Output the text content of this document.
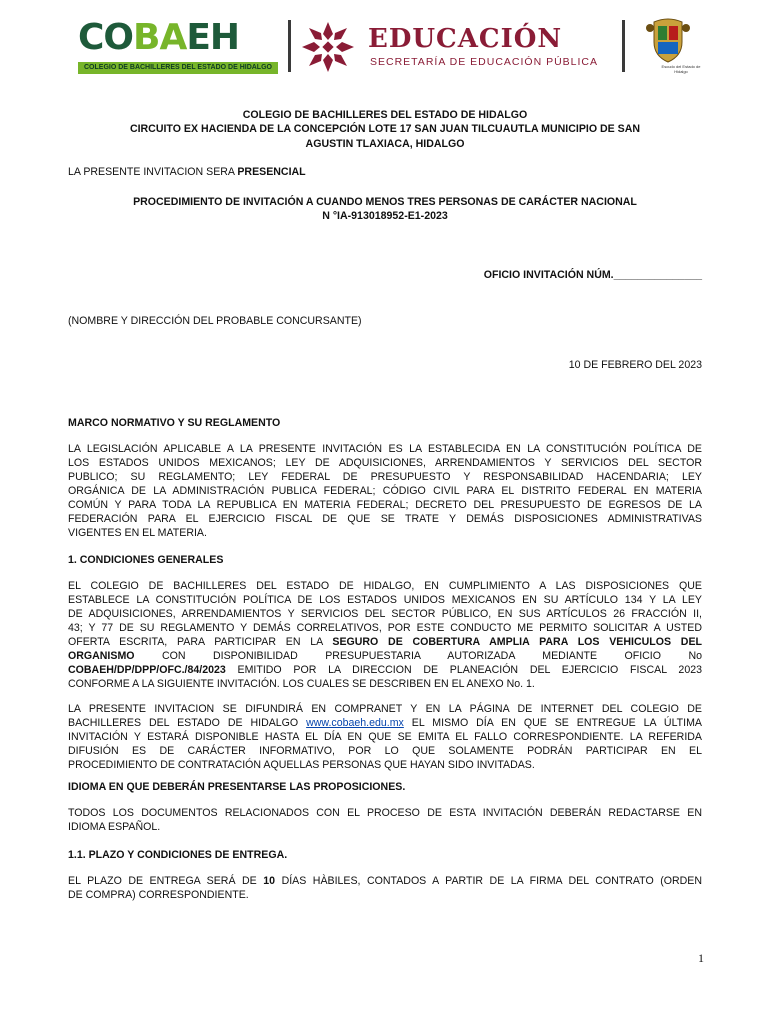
COBAEH
COLEGIO DE BACHILLERES DEL ESTADO DE HIDALGO
EDUCACIÓN
SECRETARÍA DE EDUCACIÓN PÚBLICA	Escudo del Estado de Hidalgo
COLEGIO DE BACHILLERES DEL ESTADO DE HIDALGO
CIRCUITO EX HACIENDA DE LA CONCEPCIÓN LOTE 17 SAN JUAN TILCUAUTLA MUNICIPIO DE SAN
AGUSTIN TLAXIACA, HIDALGO
LA PRESENTE INVITACION SERA PRESENCIAL
PROCEDIMIENTO DE INVITACIÓN A CUANDO MENOS TRES PERSONAS DE CARÁCTER NACIONAL
N °IA-913018952-E1-2023
OFICIO INVITACIÓN NÚM._______________
(NOMBRE Y DIRECCIÓN DEL PROBABLE CONCURSANTE)
10 DE FEBRERO DEL 2023
MARCO NORMATIVO Y SU REGLAMENTO
LA LEGISLACIÓN APLICABLE A LA PRESENTE INVITACIÓN ES LA ESTABLECIDA EN LA CONSTITUCIÓN POLÍTICA DE
LOS ESTADOS UNIDOS MEXICANOS; LEY DE ADQUISICIONES, ARRENDAMIENTOS Y SERVICIOS DEL SECTOR
PUBLICO; SU REGLAMENTO; LEY FEDERAL DE PRESUPUESTO Y RESPONSABILIDAD HACENDARIA; LEY
ORGÁNICA DE LA ADMINISTRACIÓN PUBLICA FEDERAL; CÓDIGO CIVIL PARA EL DISTRITO FEDERAL EN MATERIA
COMÚN Y PARA TODA LA REPUBLICA EN MATERIA FEDERAL; DECRETO DEL PRESUPUESTO DE EGRESOS DE LA
FEDERACIÓN PARA EL EJERCICIO FISCAL DE QUE SE TRATE Y DEMÁS DISPOSICIONES ADMINISTRATIVAS
VIGENTES EN EL MATERIA.
1. CONDICIONES GENERALES
EL COLEGIO DE BACHILLERES DEL ESTADO DE HIDALGO, EN CUMPLIMIENTO A LAS DISPOSICIONES QUE
ESTABLECE LA CONSTITUCIÓN POLÍTICA DE LOS ESTADOS UNIDOS MEXICANOS EN SU ARTÍCULO 134 Y LA LEY
DE ADQUISICIONES, ARRENDAMIENTOS Y SERVICIOS DEL SECTOR PÚBLICO, EN SUS ARTÍCULOS 26 FRACCIÓN II,
43; Y 77 DE SU REGLAMENTO Y DEMÁS CORRELATIVOS, POR ESTE CONDUCTO ME PERMITO SOLICITAR A USTED
OFERTA ESCRITA, PARA PARTICIPAR EN LA SEGURO DE COBERTURA AMPLIA PARA LOS VEHICULOS DEL
ORGANISMO CON DISPONIBILIDAD PRESUPUESTARIA AUTORIZADA MEDIANTE OFICIO No
COBAEH/DP/DPP/OFC./84/2023 EMITIDO POR LA DIRECCION DE PLANEACIÓN DEL EJERCICIO FISCAL 2023
CONFORME A LA SIGUIENTE INVITACIÓN. LOS CUALES SE DESCRIBEN EN EL ANEXO No. 1.
LA PRESENTE INVITACION SE DIFUNDIRÁ EN COMPRANET Y EN LA PÁGINA DE INTERNET DEL COLEGIO DE
BACHILLERES DEL ESTADO DE HIDALGO www.cobaeh.edu.mx EL MISMO DÍA EN QUE SE ENTREGUE LA ÚLTIMA
INVITACIÓN Y ESTARÁ DISPONIBLE HASTA EL DÍA EN QUE SE EMITA EL FALLO CORRESPONDIENTE. LA REFERIDA
DIFUSIÓN ES DE CARÁCTER INFORMATIVO, POR LO QUE SOLAMENTE PODRÁN PARTICIPAR EN EL
PROCEDIMIENTO DE CONTRATACIÓN AQUELLAS PERSONAS QUE HAYAN SIDO INVITADAS.
IDIOMA EN QUE DEBERÁN PRESENTARSE LAS PROPOSICIONES.
TODOS LOS DOCUMENTOS RELACIONADOS CON EL PROCESO DE ESTA INVITACIÓN DEBERÁN REDACTARSE EN
IDIOMA ESPAÑOL.
1.1. PLAZO Y CONDICIONES DE ENTREGA.
EL PLAZO DE ENTREGA SERÁ DE 10 DÍAS HÀBILES, CONTADOS A PARTIR DE LA FIRMA DEL CONTRATO (ORDEN
DE COMPRA) CORRESPONDIENTE.
1
